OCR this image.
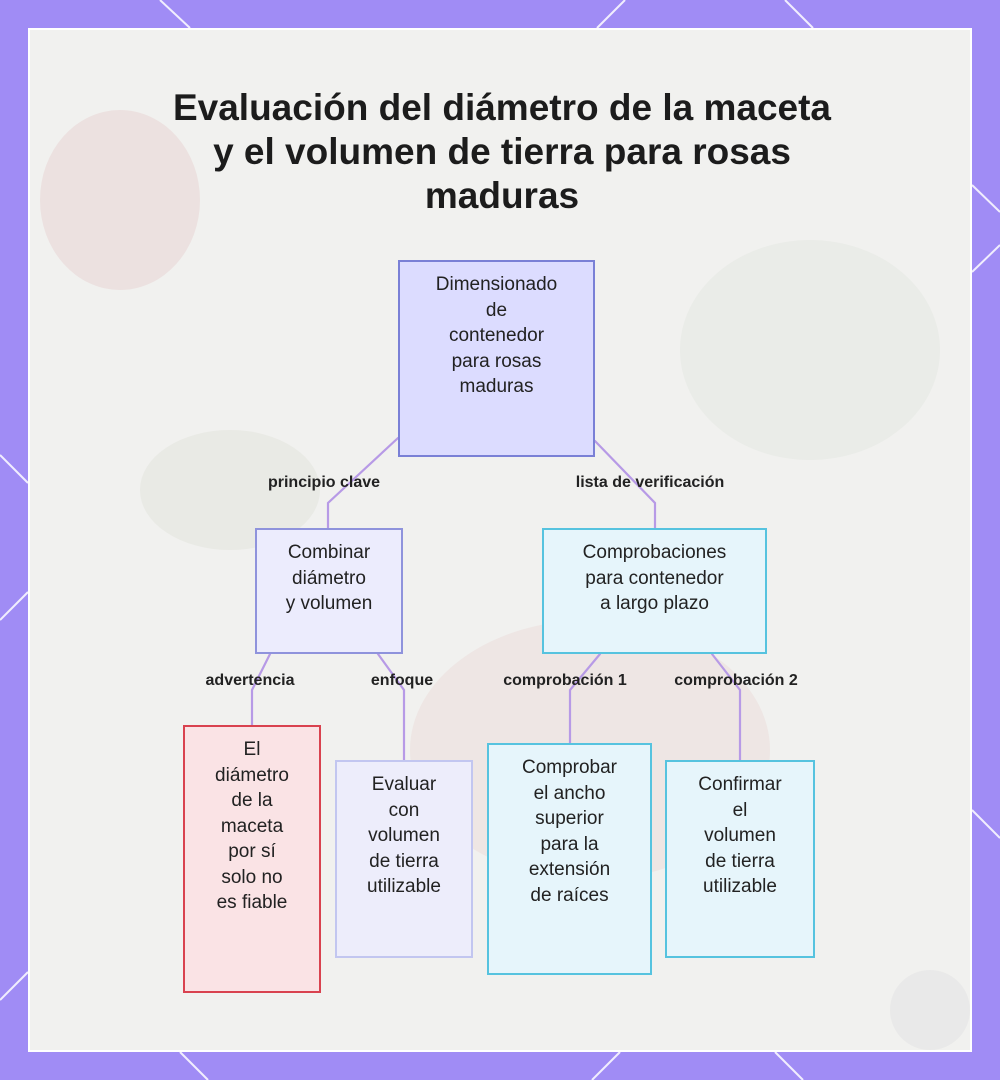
Evaluación del diámetro de la maceta
y el volumen de tierra para rosas
maduras
Dimensionado
de
contenedor
para rosas
maduras
Combinar
diámetro
y volumen
Comprobaciones
para contenedor
a largo plazo
El
diámetro
de la
maceta
por sí
solo no
es fiable
Evaluar
con
volumen
de tierra
utilizable
Comprobar
el ancho
superior
para la
extensión
de raíces
Confirmar
el
volumen
de tierra
utilizable
principio clave	lista de verificación
advertencia	enfoque	comprobación 1	comprobación 2
